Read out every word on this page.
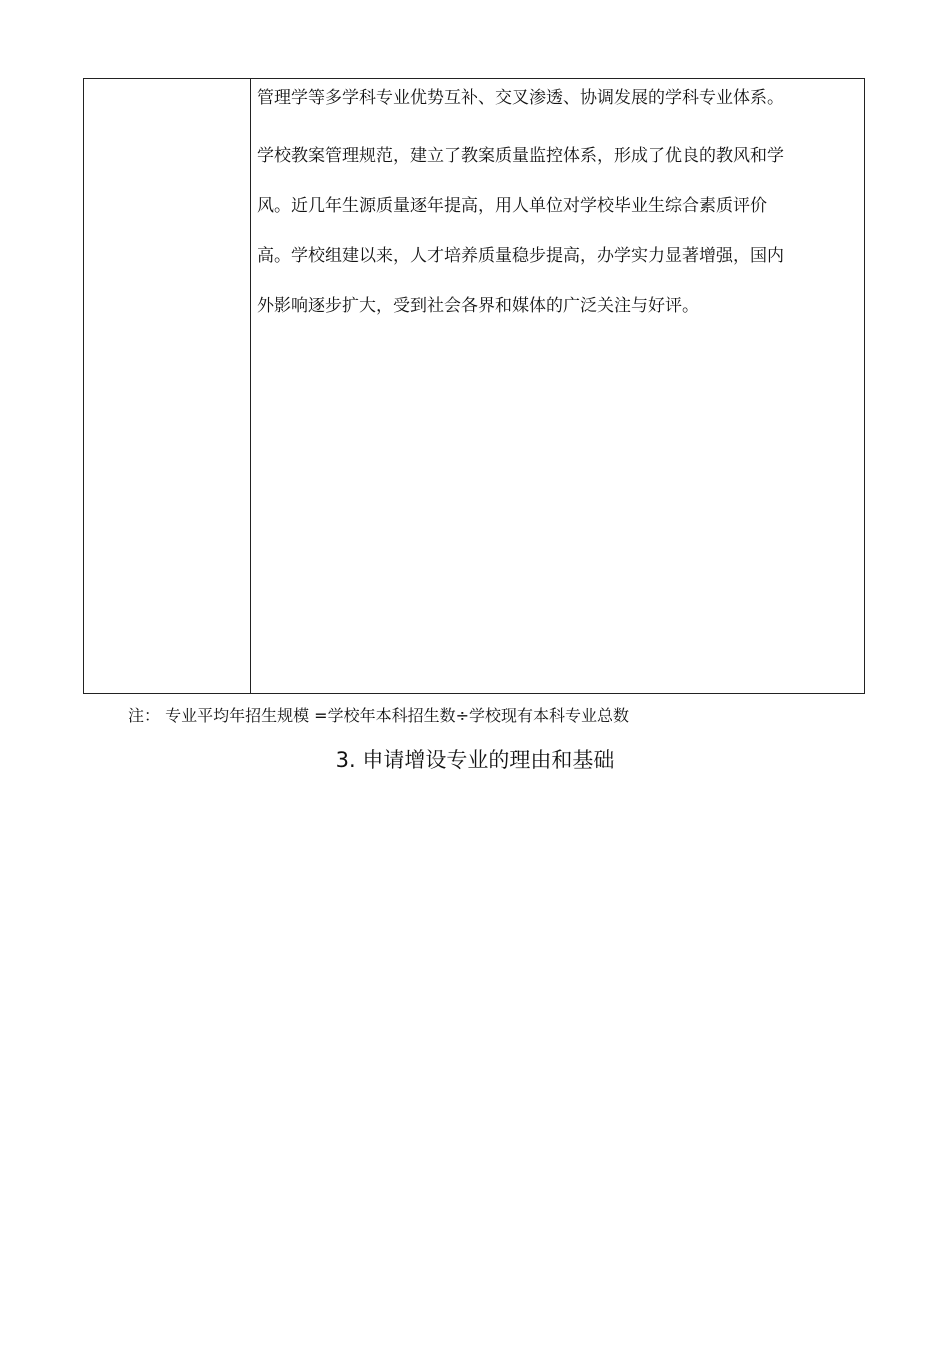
管理学等多学科专业优势互补、交叉渗透、协调发展的学科专业体系。
学校教案管理规范，建立了教案质量监控体系，形成了优良的教风和学
风。近几年生源质量逐年提高，用人单位对学校毕业生综合素质评价
高。学校组建以来，人才培养质量稳步提高，办学实力显著增强，国内
外影响逐步扩大，受到社会各界和媒体的广泛关注与好评。
注： 专业平均年招生规模 =学校年本科招生数÷学校现有本科专业总数
3. 申请增设专业的理由和基础
